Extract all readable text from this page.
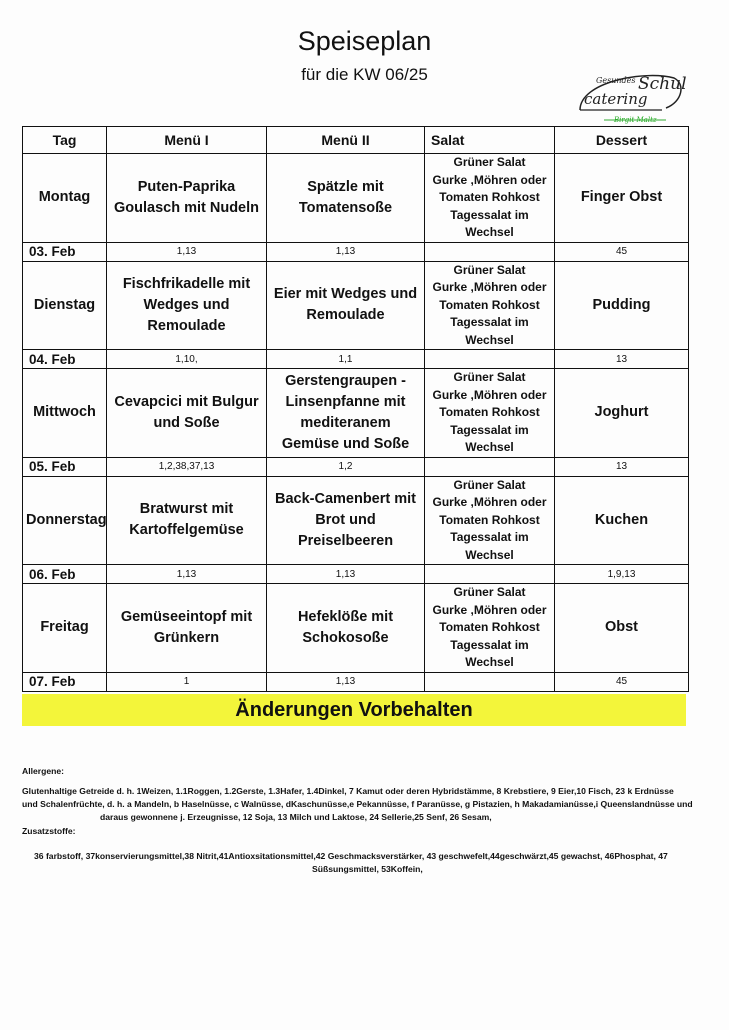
Speiseplan
für die KW 06/25	Gesundes Schul
catering
Birgit Maltz
Tag	Menü I	Menü II	Salat	Dessert
Montag	Puten-Paprika Goulasch mit Nudeln	Spätzle mit Tomatensoße	Grüner Salat
Gurke ,Möhren oder
Tomaten Rohkost
Tagessalat im
Wechsel	Finger Obst
03. Feb	1,13	1,13		45
Dienstag	Fischfrikadelle mit Wedges und Remoulade	Eier mit Wedges und Remoulade	Grüner Salat
Gurke ,Möhren oder
Tomaten Rohkost
Tagessalat im
Wechsel	Pudding
04. Feb	1,10,	1,1		13
Mittwoch	Cevapcici mit Bulgur und Soße	Gerstengraupen - Linsenpfanne mit mediteranem Gemüse und Soße	Grüner Salat
Gurke ,Möhren oder
Tomaten Rohkost
Tagessalat im
Wechsel	Joghurt
05. Feb	1,2,38,37,13	1,2		13
Donnerstag	Bratwurst mit Kartoffelgemüse	Back-Camenbert mit Brot und Preiselbeeren	Grüner Salat
Gurke ,Möhren oder
Tomaten Rohkost
Tagessalat im
Wechsel	Kuchen
06. Feb	1,13	1,13		1,9,13
Freitag	Gemüseeintopf mit Grünkern	Hefeklöße mit Schokosoße	Grüner Salat
Gurke ,Möhren oder
Tomaten Rohkost
Tagessalat im
Wechsel	Obst
07. Feb	1	1,13		45
Änderungen Vorbehalten
Allergene:
Glutenhaltige Getreide d. h. 1Weizen, 1.1Roggen, 1.2Gerste, 1.3Hafer, 1.4Dinkel, 7 Kamut oder deren Hybridstämme, 8 Krebstiere, 9 Eier,10 Fisch, 23 k Erdnüsse
und Schalenfrüchte, d. h. a Mandeln, b Haselnüsse, c Walnüsse, dKaschunüsse,e Pekannüsse, f Paranüsse, g Pistazien, h Makadamianüsse,i Queenslandnüsse und
daraus gewonnene j. Erzeugnisse, 12 Soja, 13 Milch und Laktose, 24 Sellerie,25 Senf, 26 Sesam,
Zusatzstoffe:
36 farbstoff, 37konservierungsmittel,38 Nitrit,41Antioxsitationsmittel,42 Geschmacksverstärker, 43 geschwefelt,44geschwärzt,45 gewachst, 46Phosphat, 47
Süßsungsmittel, 53Koffein,
